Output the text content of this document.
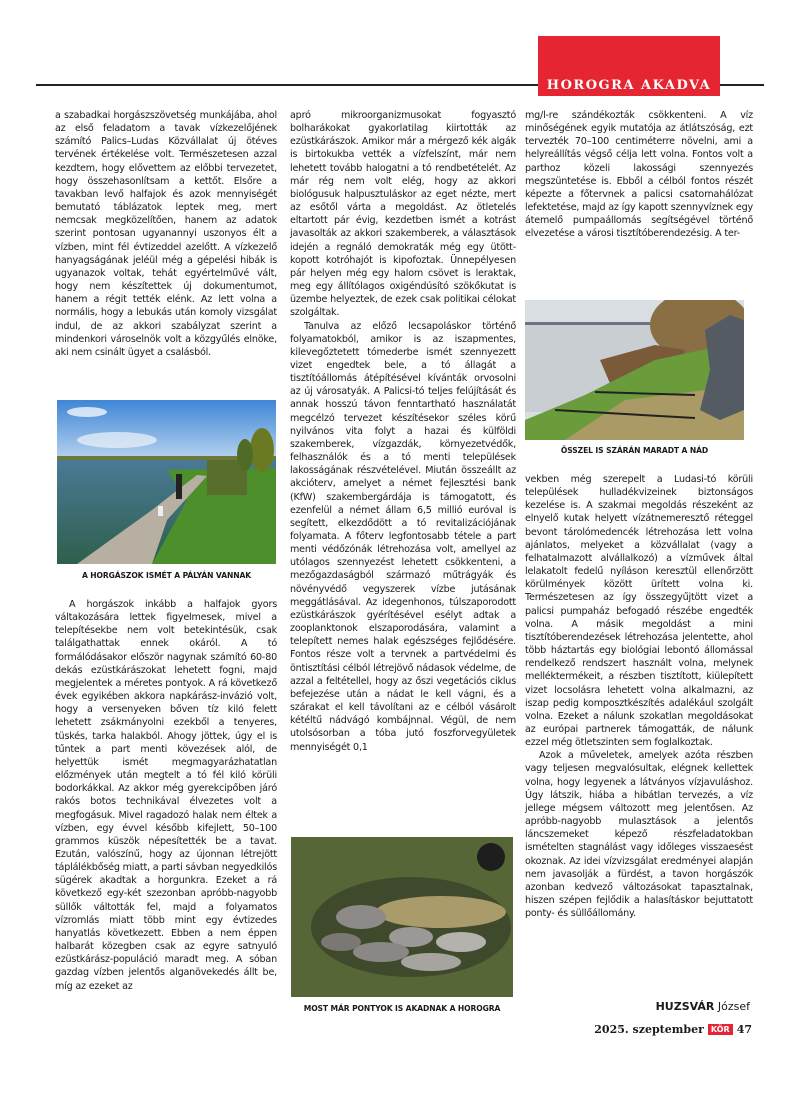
HOROGRA AKADVA

a szabadkai horgászszövetség munkájába, ahol az első feladatom a tavak vízkezelőjének számító Palics–Ludas Közvállalat új ötéves tervének értékelése volt. Természetesen azzal kezdtem, hogy elővettem az előbbi tervezetet, hogy összehasonlítsam a kettőt. Elsőre a tavakban levő halfajok és azok mennyiségét bemutató táblázatok leptek meg, mert nemcsak megközelítően, hanem az adatok szerint pontosan ugyanannyi uszonyos élt a vízben, mint fél évtizeddel azelőtt. A vízkezelő hanyagságának jeléül még a gépelési hibák is ugyanazok voltak, tehát egyértelművé vált, hogy nem készítettek új dokumentumot, hanem a régit tették elénk. Az lett volna a normális, hogy a lebukás után komoly vizsgálat indul, de az akkori szabályzat szerint a mindenkori városelnök volt a közgyűlés elnöke, aki nem csinált ügyet a csalásból.

A HORGÁSZOK ISMÉT A PÁLYÁN VANNAK

A horgászok inkább a halfajok gyors váltakozására lettek figyelmesek, mivel a telepítésekbe nem volt betekintésük, csak találgathattak ennek okáról. A tó formálódásakor először nagynak számító 60-80 dekás ezüstkárászokat lehetett fogni, majd megjelentek a méretes pontyok. A rá következő évek egyikében akkora napkárász-invázió volt, hogy a versenyeken bőven tíz kiló felett lehetett zsákmányolni ezekből a tenyeres, tüskés, tarka halakból. Ahogy jöttek, úgy el is tűntek a part menti kövezések alól, de helyettük ismét megmagyarázhatatlan előzmények után megtelt a tó fél kiló körüli bodorkákkal. Az akkor még gyerekcipőben járó rakós botos technikával élvezetes volt a megfogásuk. Mivel ragadozó halak nem éltek a vízben, egy évvel később kifejlett, 50–100 grammos küszök népesítették be a tavat. Ezután, valószínű, hogy az újonnan létrejött táplálékbőség miatt, a parti sávban negyedkilós sügérek akadtak a horgunkra. Ezeket a rá következő egy-két szezonban apróbb-nagyobb süllők váltották fel, majd a folyamatos vízromlás miatt több mint egy évtizedes hanyatlás következett. Ebben a nem éppen halbarát közegben csak az egyre satnyuló ezüstkárász-populáció maradt meg. A sóban gazdag vízben jelentős alganövekedés állt be, míg az ezeket az

apró mikroorganizmusokat fogyasztó bolharákokat gyakorlatilag kiirtották az ezüstkárászok. Amikor már a mérgező kék algák is birtokukba vették a vízfelszínt, már nem lehetett tovább halogatni a tó rendbetételét. Az már rég nem volt elég, hogy az akkori biológusuk halpusztuláskor az eget nézte, mert az esőtől várta a megoldást. Az ötletelés eltartott pár évig, kezdetben ismét a kotrást javasolták az akkori szakemberek, a választások idején a regnáló demokraták még egy ütött-kopott kotróhajót is kipofoztak. Ünnepélyesen pár helyen még egy halom csövet is leraktak, meg egy állítólagos oxigéndúsító szökőkutat is üzembe helyeztek, de ezek csak politikai célokat szolgáltak.

Tanulva az előző lecsapoláskor történő folyamatokból, amikor is az iszapmentes, kilevegőztetett tómederbe ismét szennyezett vizet engedtek bele, a tó állagát a tisztítóállomás átépítésével kívánták orvosolni az új városatyák. A Palicsi-tó teljes felújítását és annak hosszú távon fenntartható használatát megcélzó tervezet készítésekor széles körű nyilvános vita folyt a hazai és külföldi szakemberek, vízgazdák, környezetvédők, felhasználók és a tó menti települések lakosságának részvételével. Miután összeállt az akcióterv, amelyet a német fejlesztési bank (KfW) szakembergárdája is támogatott, és ezenfelül a német állam 6,5 millió euróval is segített, elkezdődött a tó revitalizációjának folyamata. A főterv legfontosabb tétele a part menti védőzónák létrehozása volt, amellyel az utólagos szennyezést lehetett csökkenteni, a mezőgazdaságból származó műtrágyák és növényvédő vegyszerek vízbe jutásának meggátlásával. Az idegenhonos, túlszaporodott ezüstkárászok gyérítésével esélyt adtak a zooplanktonok elszaporodására, valamint a telepített nemes halak egészséges fejlődésére. Fontos része volt a tervnek a partvédelmi és öntisztítási célból létrejövő nádasok védelme, de azzal a feltétellel, hogy az őszi vegetációs ciklus befejezése után a nádat le kell vágni, és a szárakat el kell távolítani az e célból vásárolt kétéltű nádvágó kombájnnal. Végül, de nem utolsósorban a tóba jutó foszforvegyületek mennyiségét 0,1

MOST MÁR PONTYOK IS AKADNAK A HOROGRA

mg/l-re szándékozták csökkenteni. A víz minőségének egyik mutatója az átlátszóság, ezt tervezték 70–100 centiméterre növelni, ami a helyreállítás végső célja lett volna. Fontos volt a parthoz közeli lakossági szennyezés megszüntetése is. Ebből a célból fontos részét képezte a főtervnek a palicsi csatornahálózat lefektetése, majd az így kapott szennyvíznek egy átemelő pumpaállomás segítségével történő elvezetése a városi tisztítóberendezésig. A ter-

ŐSSZEL IS SZÁRÁN MARADT A NÁD

vekben még szerepelt a Ludasi-tó körüli települések hulladékvizeinek biztonságos kezelése is. A szakmai megoldás részeként az elnyelő kutak helyett vízátnemeresztő réteggel bevont tárolómedencék létrehozása lett volna ajánlatos, melyeket a közvállalat (vagy a felhatalmazott alvállalkozó) a vízművek által lelakatolt fedelű nyíláson keresztül ellenőrzött körülmények között ürített volna ki. Természetesen az így összegyűjtött vizet a palicsi pumpaház befogadó részébe engedték volna. A másik megoldást a mini tisztítóberendezések létrehozása jelentette, ahol több háztartás egy biológiai lebontó állomással rendelkező rendszert használt volna, melynek melléktermékeit, a részben tisztított, kiülepített vizet locsolásra lehetett volna alkalmazni, az iszap pedig komposztkészítés adalékául szolgált volna. Ezeket a nálunk szokatlan megoldásokat az európai partnerek támogatták, de nálunk ezzel még ötletszinten sem foglalkoztak.

Azok a műveletek, amelyek azóta részben vagy teljesen megvalósultak, elégnek kellettek volna, hogy legyenek a látványos vízjavuláshoz. Úgy látszik, hiába a hibátlan tervezés, a víz jellege mégsem változott meg jelentősen. Az apróbb-nagyobb mulasztások a jelentős láncszemeket képező részfeladatokban ismételten stagnálást vagy időleges visszaesést okoznak. Az idei vízvizsgálat eredményei alapján nem javasolják a fürdést, a tavon horgászók azonban kedvező változásokat tapasztalnak, hiszen szépen fejlődik a halasításkor bejuttatott ponty- és süllőállomány.

HUZSVÁR József
2025. szeptember KÖR 47
